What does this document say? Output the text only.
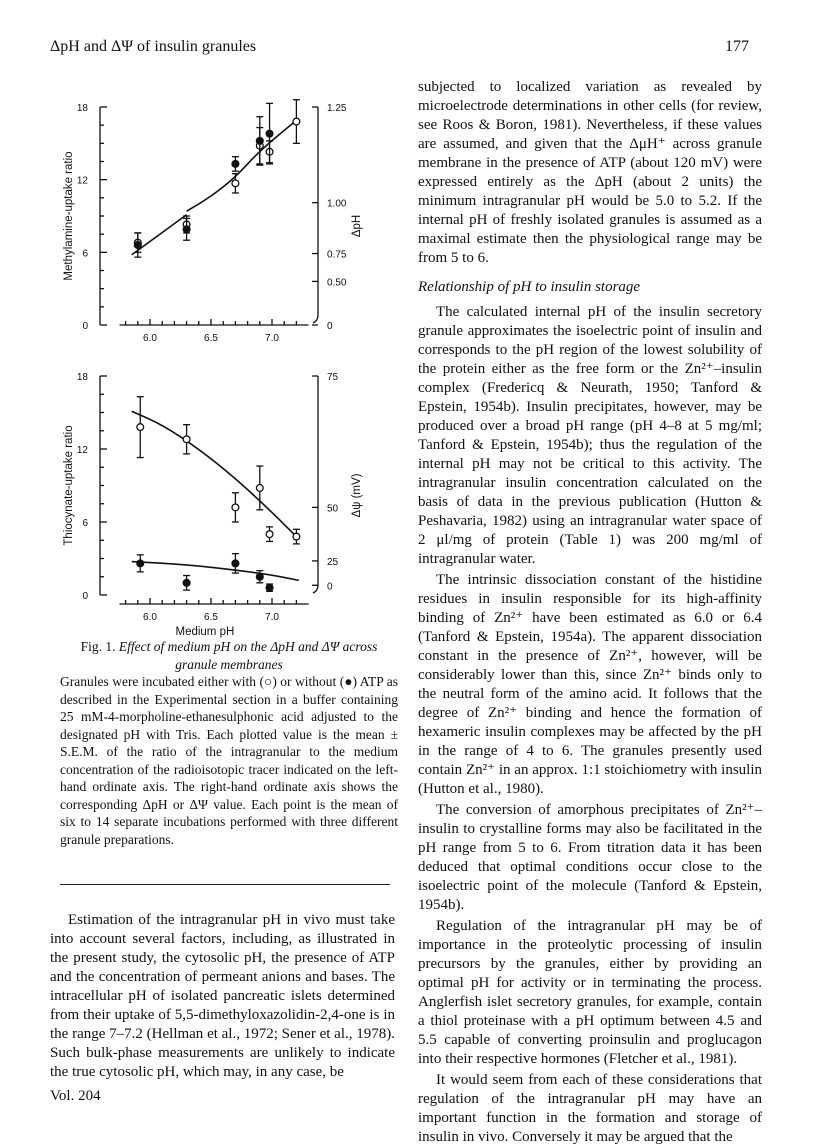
ΔpH and ΔΨ of insulin granules	177
0
6
12
18
Methylamine-uptake ratio
0
0.50
0.75
1.00
1.25
ΔpH
6.0	6.5	7.0
0
6
12
18
Thiocynate-uptake ratio
0
25
50
75
Δψ (mV)
6.0	6.5	7.0
Medium pH
Fig. 1. Effect of medium pH on the ΔpH and ΔΨ across granule membranes
Granules were incubated either with (○) or without (●) ATP as described in the Experimental section in a buffer containing 25 mM-4-morpholine-ethanesulphonic acid adjusted to the designated pH with Tris. Each plotted value is the mean ± S.E.M. of the ratio of the intragranular to the medium concentration of the radioisotopic tracer indicated on the left-hand ordinate axis. The right-hand ordinate axis shows the corresponding ΔpH or ΔΨ value. Each point is the mean of six to 14 separate incubations performed with three different granule preparations.

Estimation of the intragranular pH in vivo must take into account several factors, including, as illustrated in the present study, the cytosolic pH, the presence of ATP and the concentration of permeant anions and bases. The intracellular pH of isolated pancreatic islets determined from their uptake of 5,5-dimethyloxazolidin-2,4-one is in the range 7–7.2 (Hellman et al., 1972; Sener et al., 1978). Such bulk-phase measurements are unlikely to indicate the true cytosolic pH, which may, in any case, be

subjected to localized variation as revealed by microelectrode determinations in other cells (for review, see Roos & Boron, 1981). Nevertheless, if these values are assumed, and given that the ΔμH⁺ across granule membrane in the presence of ATP (about 120 mV) were expressed entirely as the ΔpH (about 2 units) the minimum intragranular pH would be 5.0 to 5.2. If the internal pH of freshly isolated granules is assumed as a maximal estimate then the physiological range may be from 5 to 6.

Relationship of pH to insulin storage

The calculated internal pH of the insulin secretory granule approximates the isoelectric point of insulin and corresponds to the pH region of the lowest solubility of the protein either as the free form or the Zn²⁺–insulin complex (Fredericq & Neurath, 1950; Tanford & Epstein, 1954b). Insulin precipitates, however, may be produced over a broad pH range (pH 4–8 at 5 mg/ml; Tanford & Epstein, 1954b); thus the regulation of the internal pH may not be critical to this activity. The intragranular insulin concentration calculated on the basis of data in the previous publication (Hutton & Peshavaria, 1982) using an intragranular water space of 2 μl/mg of protein (Table 1) was 200 mg/ml of intragranular water.

The intrinsic dissociation constant of the histidine residues in insulin responsible for its high-affinity binding of Zn²⁺ have been estimated as 6.0 or 6.4 (Tanford & Epstein, 1954a). The apparent dissociation constant in the presence of Zn²⁺, however, will be considerably lower than this, since Zn²⁺ binds only to the neutral form of the amino acid. It follows that the degree of Zn²⁺ binding and hence the formation of hexameric insulin complexes may be affected by the pH in the range of 4 to 6. The granules presently used contain Zn²⁺ in an approx. 1:1 stoichiometry with insulin (Hutton et al., 1980).

The conversion of amorphous precipitates of Zn²⁺–insulin to crystalline forms may also be facilitated in the pH range from 5 to 6. From titration data it has been deduced that optimal conditions occur close to the isoelectric point of the molecule (Tanford & Epstein, 1954b).

Regulation of the intragranular pH may be of importance in the proteolytic processing of insulin precursors by the granules, either by providing an optimal pH for activity or in terminating the process. Anglerfish islet secretory granules, for example, contain a thiol proteinase with a pH optimum between 4.5 and 5.5 capable of converting proinsulin and proglucagon into their respective hormones (Fletcher et al., 1981).

It would seem from each of these considerations that regulation of the intragranular pH may have an important function in the formation and storage of insulin in vivo. Conversely it may be argued that the

Vol. 204
